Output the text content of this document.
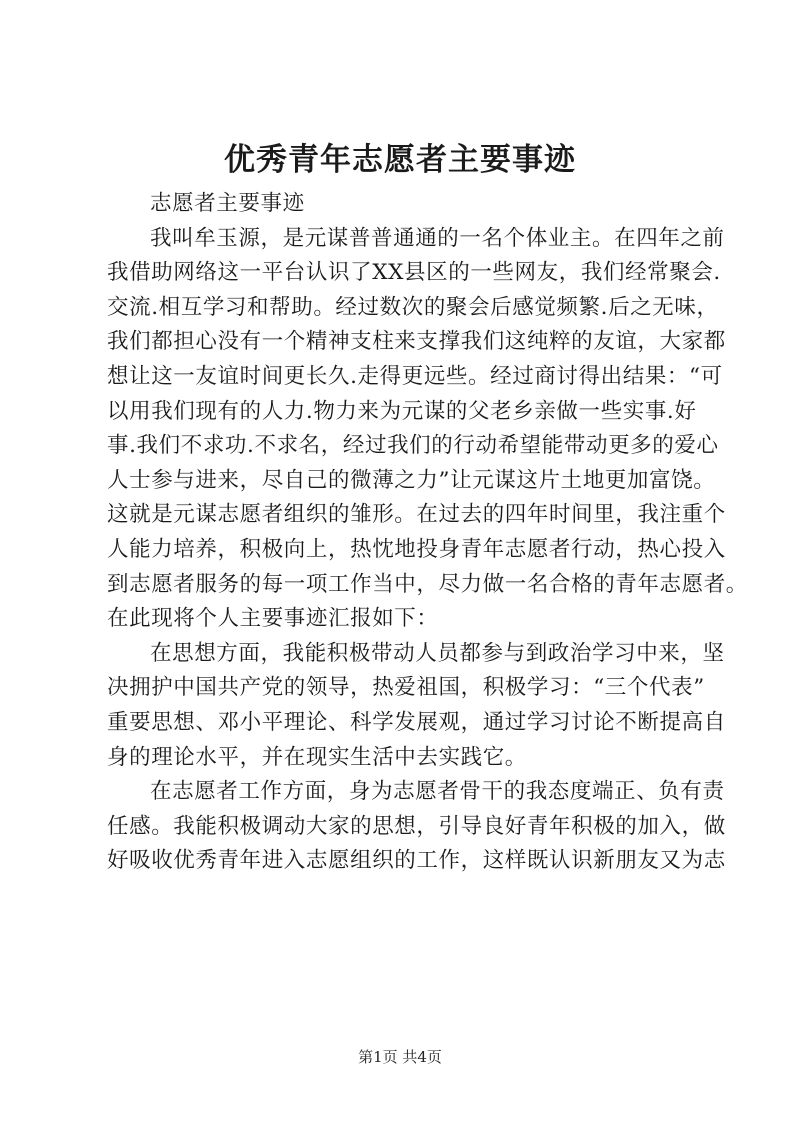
优秀青年志愿者主要事迹
志愿者主要事迹
我叫牟玉源，是元谋普普通通的一名个体业主。在四年之前
我借助网络这一平台认识了XX县区的一些网友，我们经常聚会.
交流.相互学习和帮助。经过数次的聚会后感觉频繁.后之无味，
我们都担心没有一个精神支柱来支撑我们这纯粹的友谊，大家都
想让这一友谊时间更长久.走得更远些。经过商讨得出结果：“可
以用我们现有的人力.物力来为元谋的父老乡亲做一些实事.好
事.我们不求功.不求名，经过我们的行动希望能带动更多的爱心
人士参与进来，尽自己的微薄之力”让元谋这片土地更加富饶。
这就是元谋志愿者组织的雏形。在过去的四年时间里，我注重个
人能力培养，积极向上，热忱地投身青年志愿者行动，热心投入
到志愿者服务的每一项工作当中，尽力做一名合格的青年志愿者。
在此现将个人主要事迹汇报如下：
在思想方面，我能积极带动人员都参与到政治学习中来，坚
决拥护中国共产党的领导，热爱祖国，积极学习：“三个代表”
重要思想、邓小平理论、科学发展观，通过学习讨论不断提高自
身的理论水平，并在现实生活中去实践它。
在志愿者工作方面，身为志愿者骨干的我态度端正、负有责
任感。我能积极调动大家的思想，引导良好青年积极的加入，做
好吸收优秀青年进入志愿组织的工作，这样既认识新朋友又为志
第1页 共4页
